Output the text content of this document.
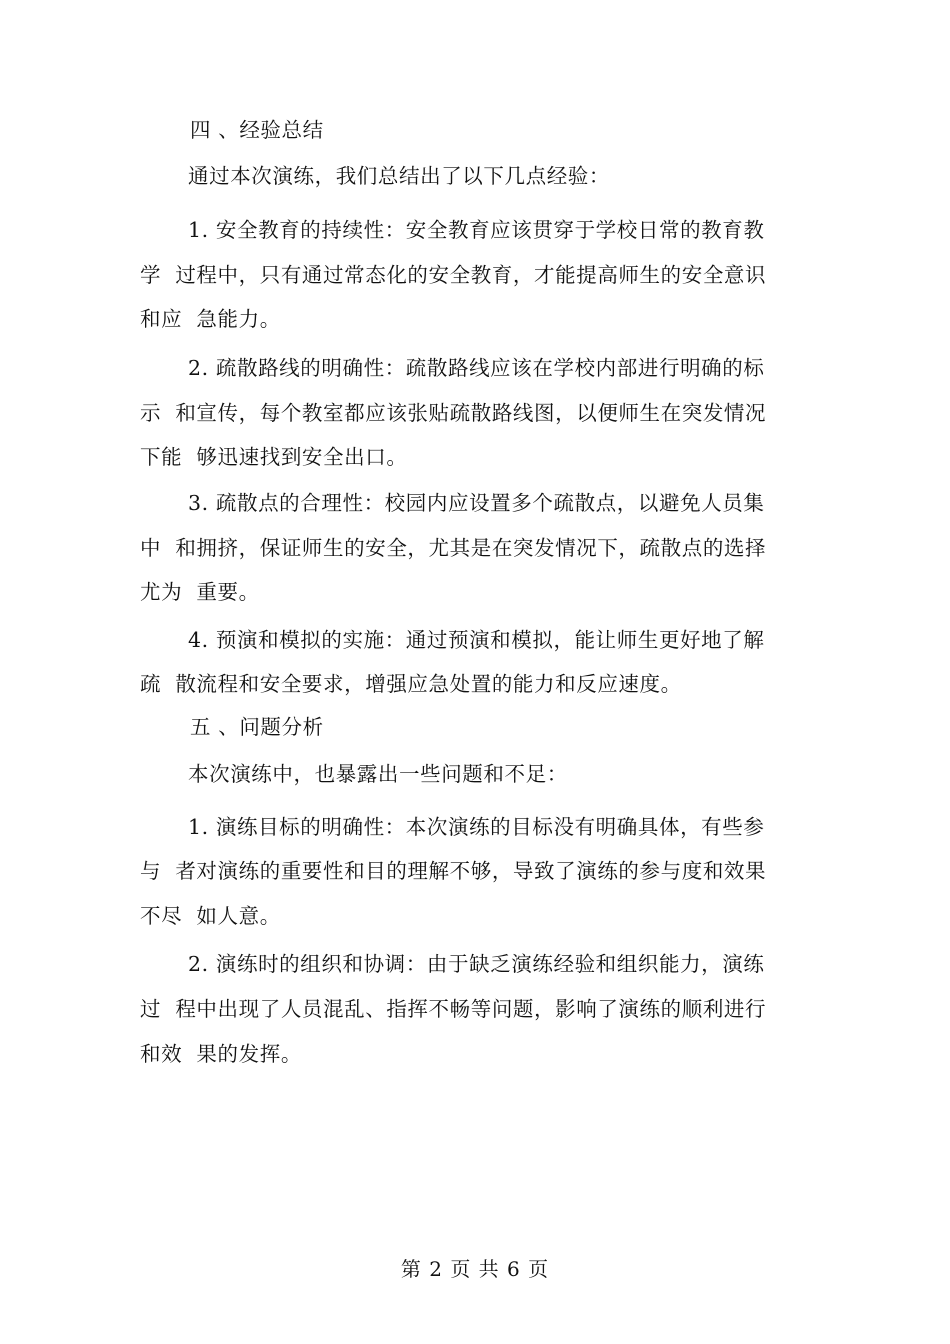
四 、经验总结
通过本次演练，我们总结出了以下几点经验：
1. 安全教育的持续性：安全教育应该贯穿于学校日常的教育教
学  过程中，只有通过常态化的安全教育，才能提高师生的安全意识
和应  急能力。
2. 疏散路线的明确性：疏散路线应该在学校内部进行明确的标
示  和宣传，每个教室都应该张贴疏散路线图，以便师生在突发情况
下能  够迅速找到安全出口。
3. 疏散点的合理性：校园内应设置多个疏散点，以避免人员集
中  和拥挤，保证师生的安全，尤其是在突发情况下，疏散点的选择
尤为  重要。
4. 预演和模拟的实施：通过预演和模拟，能让师生更好地了解
疏  散流程和安全要求，增强应急处置的能力和反应速度。
五 、问题分析
本次演练中，也暴露出一些问题和不足：
1. 演练目标的明确性：本次演练的目标没有明确具体，有些参
与  者对演练的重要性和目的理解不够，导致了演练的参与度和效果
不尽  如人意。
2. 演练时的组织和协调：由于缺乏演练经验和组织能力，演练
过  程中出现了人员混乱、指挥不畅等问题，影响了演练的顺利进行
和效  果的发挥。
第 2 页 共 6 页
